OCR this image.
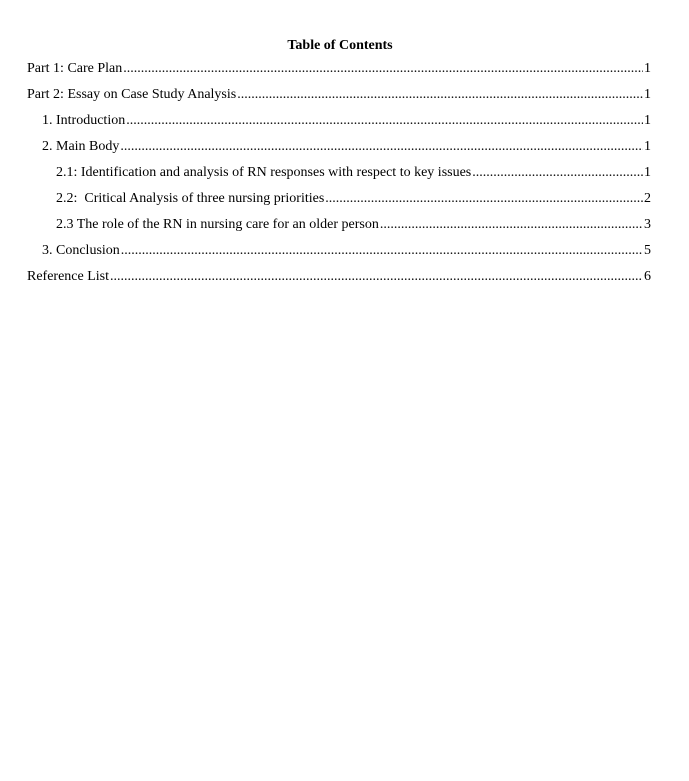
Table of Contents
Part 1: Care Plan .....	1
Part 2: Essay on Case Study Analysis .....	1
1. Introduction .....	1
2. Main Body .....	1
2.1: Identification and analysis of RN responses with respect to key issues .....	1
2.2:  Critical Analysis of three nursing priorities .....	2
2.3 The role of the RN in nursing care for an older person .....	3
3. Conclusion .....	5
Reference List .....	6
